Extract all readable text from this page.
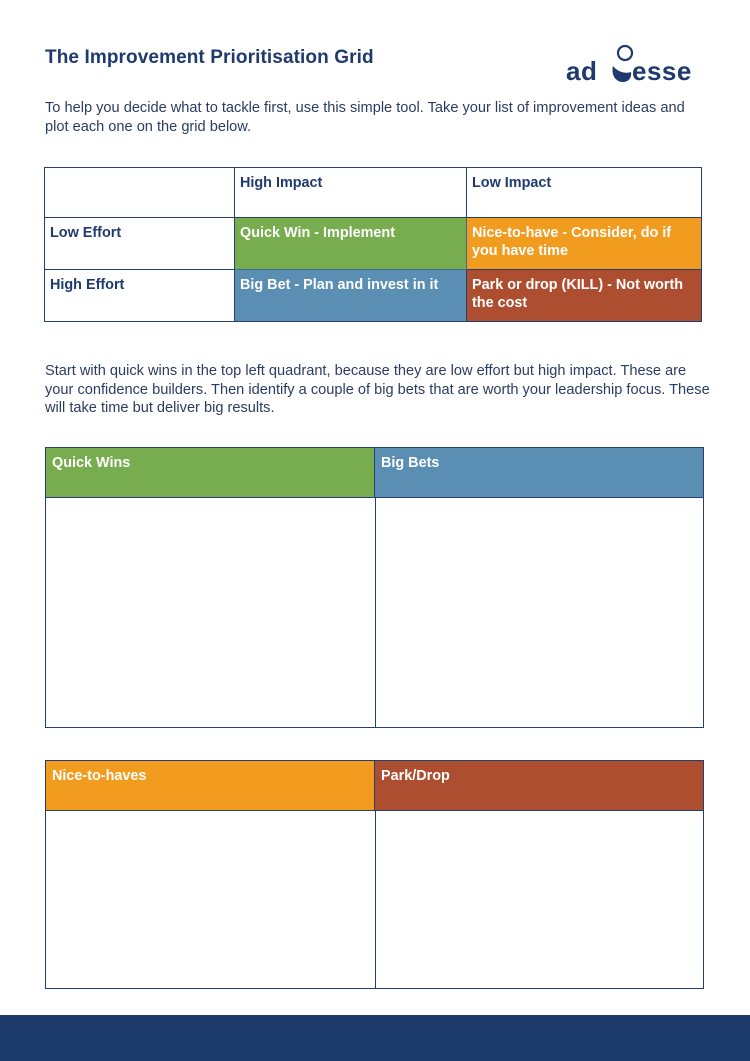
The Improvement Prioritisation Grid	ad esse
To help you decide what to tackle first, use this simple tool. Take your list of improvement ideas and plot each one on the grid below.
	High Impact	Low Impact
Low Effort	Quick Win - Implement	Nice-to-have - Consider, do if you have time
High Effort	Big Bet - Plan and invest in it	Park or drop (KILL) - Not worth the cost
Start with quick wins in the top left quadrant, because they are low effort but high impact. These are your confidence builders. Then identify a couple of big bets that are worth your leadership focus. These will take time but deliver big results.
Quick Wins	Big Bets
Nice-to-haves	Park/Drop
